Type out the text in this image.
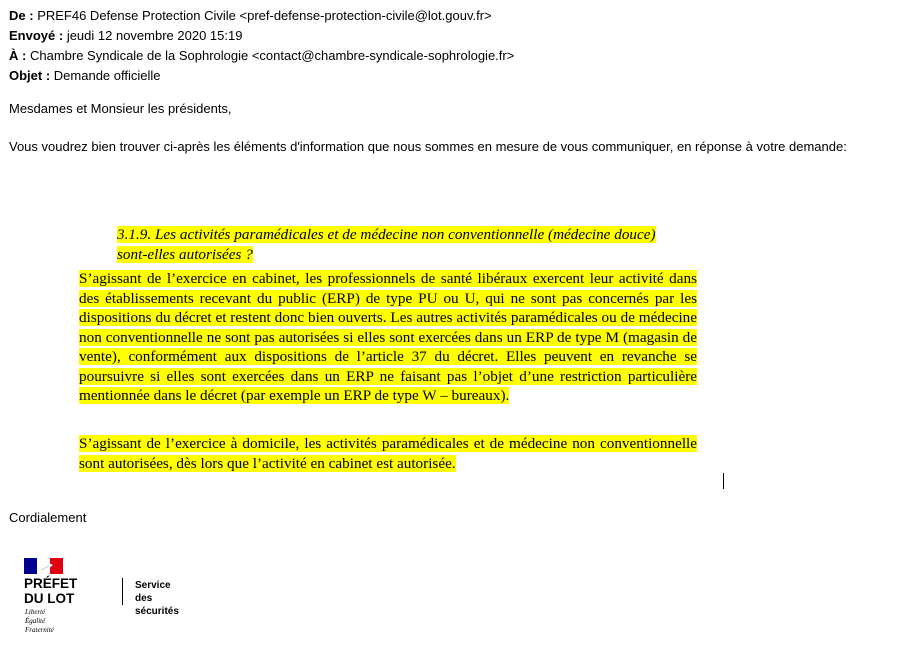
De : PREF46 Defense Protection Civile <pref-defense-protection-civile@lot.gouv.fr>
Envoyé : jeudi 12 novembre 2020 15:19
À : Chambre Syndicale de la Sophrologie <contact@chambre-syndicale-sophrologie.fr>
Objet : Demande officielle
Mesdames et Monsieur les présidents,
Vous voudrez bien trouver ci-après les éléments d'information que nous sommes en mesure de vous communiquer, en réponse à votre demande:
3.1.9. Les activités paramédicales et de médecine non conventionnelle (médecine douce)
sont-elles autorisées ?
S’agissant de l’exercice en cabinet, les professionnels de santé libéraux exercent leur activité dans des établissements recevant du public (ERP) de type PU ou U, qui ne sont pas concernés par les dispositions du décret et restent donc bien ouverts. Les autres activités paramédicales ou de médecine non conventionnelle ne sont pas autorisées si elles sont exercées dans un ERP de type M (magasin de vente), conformément aux dispositions de l’article 37 du décret. Elles peuvent en revanche se poursuivre si elles sont exercées dans un ERP ne faisant pas l’objet d’une restriction particulière mentionnée dans le décret (par exemple un ERP de type W – bureaux).
S’agissant de l’exercice à domicile, les activités paramédicales et de médecine non conventionnelle sont autorisées, dès lors que l’activité en cabinet est autorisée.
Cordialement
PRÉFET
DU LOT
Liberté
Égalité
Fraternité
Service des
sécurités
